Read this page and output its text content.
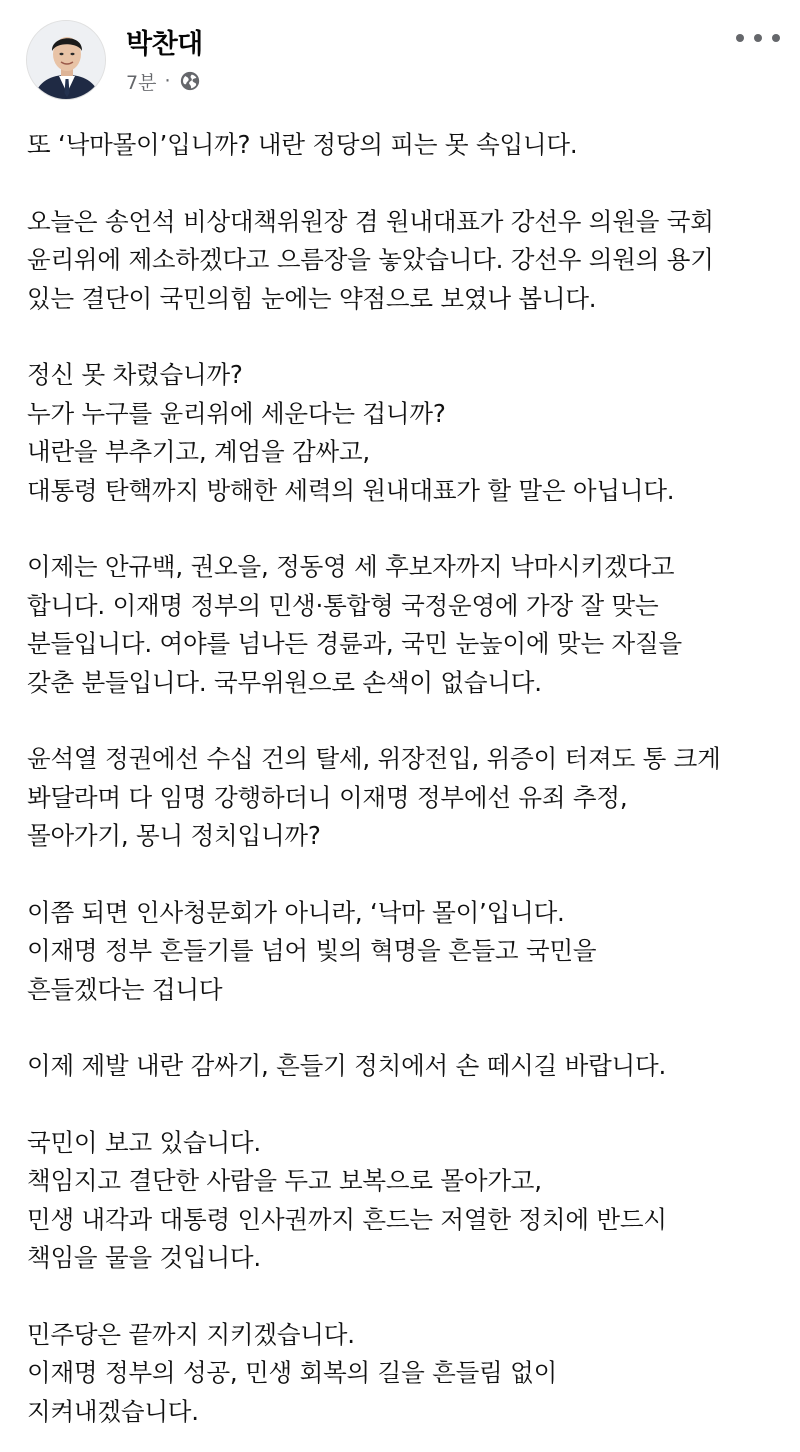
박찬대
7분 ·
또 ‘낙마몰이’입니까? 내란 정당의 피는 못 속입니다.
오늘은 송언석 비상대책위원장 겸 원내대표가 강선우 의원을 국회
윤리위에 제소하겠다고 으름장을 놓았습니다. 강선우 의원의 용기
있는 결단이 국민의힘 눈에는 약점으로 보였나 봅니다.
정신 못 차렸습니까?
누가 누구를 윤리위에 세운다는 겁니까?
내란을 부추기고, 계엄을 감싸고,
대통령 탄핵까지 방해한 세력의 원내대표가 할 말은 아닙니다.
이제는 안규백, 권오을, 정동영 세 후보자까지 낙마시키겠다고
합니다. 이재명 정부의 민생·통합형 국정운영에 가장 잘 맞는
분들입니다. 여야를 넘나든 경륜과, 국민 눈높이에 맞는 자질을
갖춘 분들입니다. 국무위원으로 손색이 없습니다.
윤석열 정권에선 수십 건의 탈세, 위장전입, 위증이 터져도 통 크게
봐달라며 다 임명 강행하더니 이재명 정부에선 유죄 추정,
몰아가기, 몽니 정치입니까?
이쯤 되면 인사청문회가 아니라, ‘낙마 몰이’입니다.
이재명 정부 흔들기를 넘어 빛의 혁명을 흔들고 국민을
흔들겠다는 겁니다
이제 제발 내란 감싸기, 흔들기 정치에서 손 떼시길 바랍니다.
국민이 보고 있습니다.
책임지고 결단한 사람을 두고 보복으로 몰아가고,
민생 내각과 대통령 인사권까지 흔드는 저열한 정치에 반드시
책임을 물을 것입니다.
민주당은 끝까지 지키겠습니다.
이재명 정부의 성공, 민생 회복의 길을 흔들림 없이
지켜내겠습니다.
